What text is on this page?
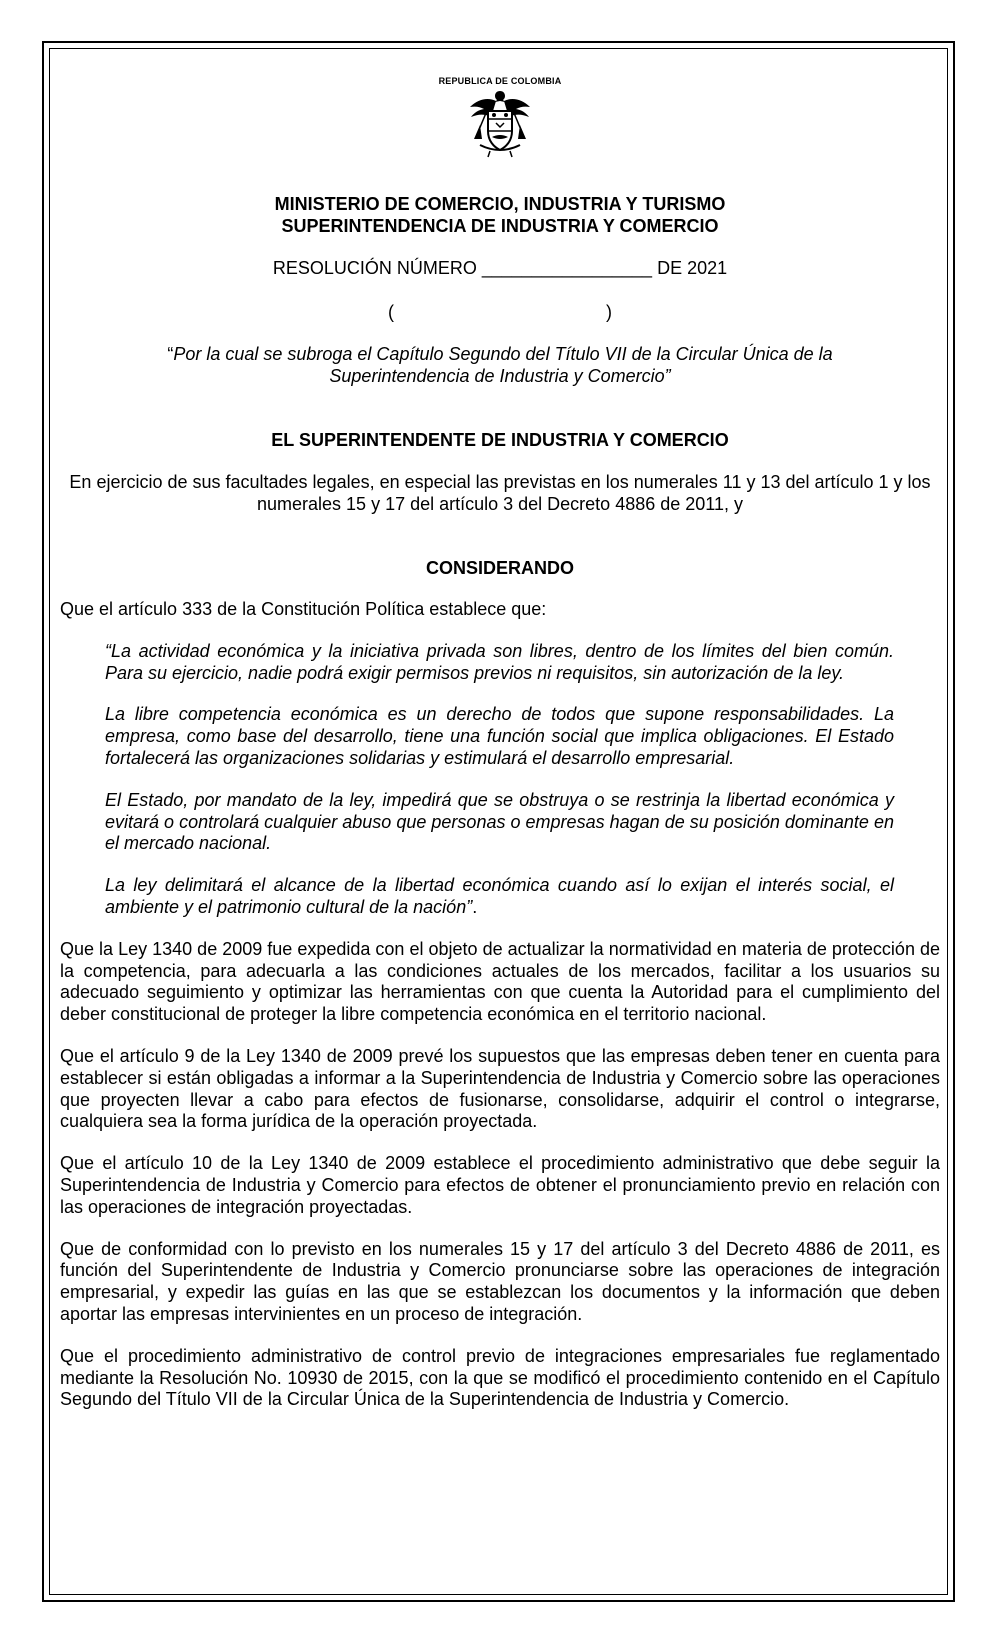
REPUBLICA DE COLOMBIA

MINISTERIO DE COMERCIO, INDUSTRIA Y TURISMO
SUPERINTENDENCIA DE INDUSTRIA Y COMERCIO

RESOLUCIÓN NÚMERO _________________ DE 2021

(	)

“Por la cual se subroga el Capítulo Segundo del Título VII de la Circular Única de la Superintendencia de Industria y Comercio”

EL SUPERINTENDENTE DE INDUSTRIA Y COMERCIO

En ejercicio de sus facultades legales, en especial las previstas en los numerales 11 y 13 del artículo 1 y los numerales 15 y 17 del artículo 3 del Decreto 4886 de 2011, y

CONSIDERANDO

Que el artículo 333 de la Constitución Política establece que:

“La actividad económica y la iniciativa privada son libres, dentro de los límites del bien común. Para su ejercicio, nadie podrá exigir permisos previos ni requisitos, sin autorización de la ley.

La libre competencia económica es un derecho de todos que supone responsabilidades. La empresa, como base del desarrollo, tiene una función social que implica obligaciones. El Estado fortalecerá las organizaciones solidarias y estimulará el desarrollo empresarial.

El Estado, por mandato de la ley, impedirá que se obstruya o se restrinja la libertad económica y evitará o controlará cualquier abuso que personas o empresas hagan de su posición dominante en el mercado nacional.

La ley delimitará el alcance de la libertad económica cuando así lo exijan el interés social, el ambiente y el patrimonio cultural de la nación”.

Que la Ley 1340 de 2009 fue expedida con el objeto de actualizar la normatividad en materia de protección de la competencia, para adecuarla a las condiciones actuales de los mercados, facilitar a los usuarios su adecuado seguimiento y optimizar las herramientas con que cuenta la Autoridad para el cumplimiento del deber constitucional de proteger la libre competencia económica en el territorio nacional.

Que el artículo 9 de la Ley 1340 de 2009 prevé los supuestos que las empresas deben tener en cuenta para establecer si están obligadas a informar a la Superintendencia de Industria y Comercio sobre las operaciones que proyecten llevar a cabo para efectos de fusionarse, consolidarse, adquirir el control o integrarse, cualquiera sea la forma jurídica de la operación proyectada.

Que el artículo 10 de la Ley 1340 de 2009 establece el procedimiento administrativo que debe seguir la Superintendencia de Industria y Comercio para efectos de obtener el pronunciamiento previo en relación con las operaciones de integración proyectadas.

Que de conformidad con lo previsto en los numerales 15 y 17 del artículo 3 del Decreto 4886 de 2011, es función del Superintendente de Industria y Comercio pronunciarse sobre las operaciones de integración empresarial, y expedir las guías en las que se establezcan los documentos y la información que deben aportar las empresas intervinientes en un proceso de integración.

Que el procedimiento administrativo de control previo de integraciones empresariales fue reglamentado mediante la Resolución No. 10930 de 2015, con la que se modificó el procedimiento contenido en el Capítulo Segundo del Título VII de la Circular Única de la Superintendencia de Industria y Comercio.
